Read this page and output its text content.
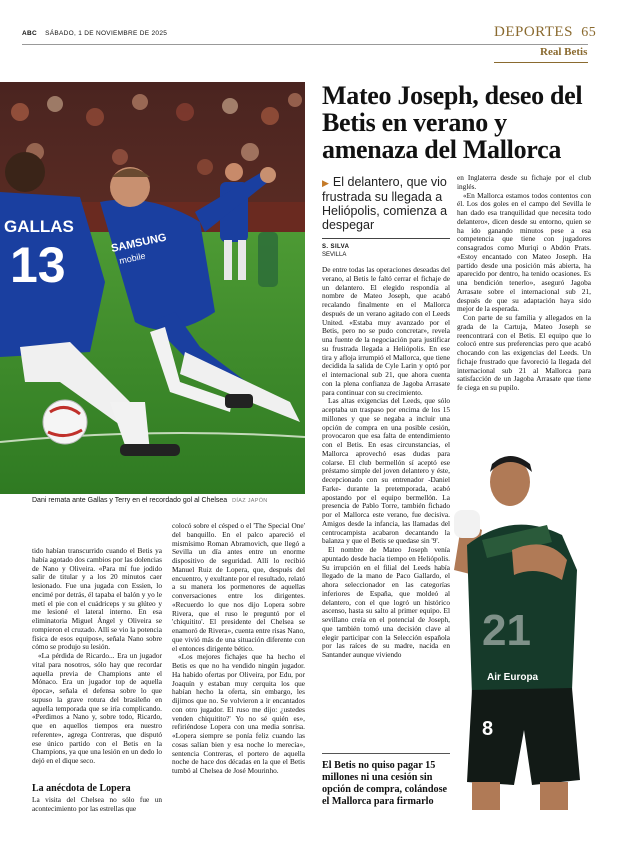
ABC SÁBADO, 1 DE NOVIEMBRE DE 2025	DEPORTES 65
Real Betis
SAMSUNG
mobile
GALLAS
13
Dani remata ante Gallas y Terry en el recordado gol al Chelsea DÍAZ JAPÓN
Mateo Joseph, deseo del Betis en verano y amenaza del Mallorca
▶ El delantero, que vio frustrada su llegada a Heliópolis, comienza a despegar
S. SILVA
SEVILLA

De entre todas las operaciones deseadas del verano, al Betis le faltó cerrar el fichaje de un delantero. El elegido respondía al nombre de Mateo Joseph, que acabó recalando finalmente en el Mallorca después de un verano agitado con el Leeds United. «Estaba muy avanzado por el Betis, pero no se pudo concretar», revela una fuente de la negociación para justificar su frustrada llegada a Heliópolis. En ese tira y afloja irrumpió el Mallorca, que tiene decidida la salida de Cyle Larin y optó por el internacional sub 21, que ahora cuenta con la plena confianza de Jagoba Arrasate para continuar con su crecimiento.

Las altas exigencias del Leeds, que sólo aceptaba un traspaso por encima de los 15 millones y que se negaba a incluir una opción de compra en una posible cesión, provocaron que esa falta de entendimiento con el Betis. En esas circunstancias, el Mallorca aprovechó esas dudas para colarse. El club bermellón sí aceptó ese préstamo simple del joven delantero y éste, decepcionado con su entrenador -Daniel Farke- durante la pretemporada, acabó apostando por el equipo bermellón. La presencia de Pablo Torre, también fichado por el Mallorca este verano, fue decisiva. Amigos desde la infancia, las llamadas del centrocampista acabaron decantando la balanza y que el Betis se quedase sin '9'.

El nombre de Mateo Joseph venía apuntado desde hacía tiempo en Heliópolis. Su irrupción en el filial del Leeds había llegado de la mano de Paco Gallardo, el ahora seleccionador en las categorías inferiores de España, que moldeó al delantero, con el que logró un histórico ascenso, hasta su salto al primer equipo. El sevillano creía en el potencial de Joseph, que también tomó una decisión clave al elegir participar con la Selección española por las raíces de su madre, nacida en Santander aunque viviendo

en Inglaterra desde su fichaje por el club inglés.

«En Mallorca estamos todos contentos con él. Los dos goles en el campo del Sevilla le han dado esa tranquilidad que necesita todo delantero», dicen desde su entorno, quien se ha ido ganando minutos pese a esa competencia que tiene con jugadores consagrados como Muriqi o Abdón Prats. «Estoy encantado con Mateo Joseph. Ha partido desde una posición más abierta, ha aparecido por dentro, ha tenido ocasiones. Es una bendición tenerlo», aseguró Jagoba Arrasate sobre el internacional sub 21, después de que su adaptación haya sido mejor de la esperada.

Con parte de su familia y allegados en la grada de la Cartuja, Mateo Joseph se reencontrará con el Betis. El equipo que lo colocó entre sus preferencias pero que acabó chocando con las exigencias del Leeds. Un fichaje frustrado que favoreció la llegada del internacional sub 21 al Mallorca para satisfacción de un Jagoba Arrasate que tiene fe ciega en su pupilo.

tido habían transcurrido cuando el Betis ya había agotado dos cambios por las dolencias de Nano y Oliveira. «Para mí fue jodido salir de titular y a los 20 minutos caer lesionado. Fue una jugada con Essien, lo encimé por detrás, él tapaba el balón y yo le metí el pie con el cuádriceps y su glúteo y me lesioné el lateral interno. En esa eliminatoria Miguel Ángel y Oliveira se rompieron el cruzado. Allí se vio la potencia física de esos equipos», señala Nano sobre cómo se produjo su lesión.

«La pérdida de Ricardo... Era un jugador vital para nosotros, sólo hay que recordar aquella previa de Champions ante el Mónaco. Era un jugador top de aquella época», señala el defensa sobre lo que supuso la grave rotura del brasileño en aquella temporada que se iría complicando. «Perdimos a Nano y, sobre todo, Ricardo, que en aquellos tiempos era nuestro referente», agrega Contreras, que disputó ese único partido con el Betis en la Champions, ya que una lesión en un dedo lo dejó en el dique seco.

La anécdota de Lopera
La visita del Chelsea no sólo fue un acontecimiento por las estrellas que

colocó sobre el césped o el 'The Special One' del banquillo. En el palco apareció el mismísimo Roman Abramovich, que llegó a Sevilla un día antes entre un enorme dispositivo de seguridad. Allí lo recibió Manuel Ruiz de Lopera, que, después del encuentro, y exultante por el resultado, relató a su manera los pormenores de aquellas conversaciones entre los dirigentes. «Recuerdo lo que nos dijo Lopera sobre Rivera, que el ruso le preguntó por el 'chiquitito'. El presidente del Chelsea se enamoró de Rivera», cuenta entre risas Nano, que vivió más de una situación diferente con el entonces dirigente bético.

«Los mejores fichajes que ha hecho el Betis es que no ha vendido ningún jugador. Ha habido ofertas por Oliveira, por Edu, por Joaquín y estaban muy cerquita los que habían hecho la oferta, sin embargo, les dijimos que no. Se volvieron a ir encantados con otro jugador. El ruso me dijo: ¿ustedes venden chiquitito?' Yo no sé quién es», refiriéndose Lopera con una media sonrisa. «Lopera siempre se ponía feliz cuando las cosas salían bien y esa noche lo merecía», sentencia Contreras, el portero de aquella noche de hace dos décadas en la que el Betis tumbó al Chelsea de José Mourinho.	El Betis no quiso pagar 15 millones ni una cesión sin opción de compra, colándose el Mallorca para firmarlo
21
Air Europa
8
